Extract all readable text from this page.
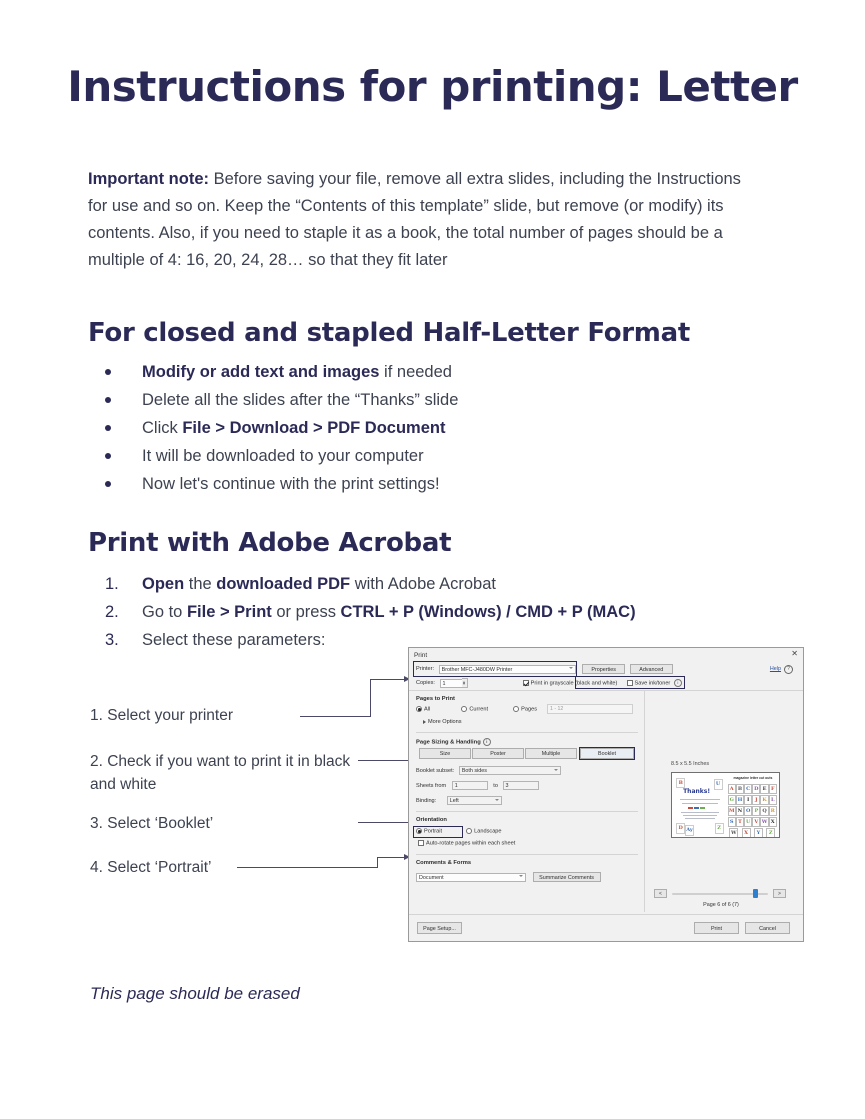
Instructions for printing: Letter
Important note: Before saving your file, remove all extra slides, including the Instructions for use and so on. Keep the “Contents of this template” slide, but remove (or modify) its contents. Also, if you need to staple it as a book, the total number of pages should be a multiple of 4: 16, 20, 24, 28… so that they fit later
For closed and stapled Half-Letter Format
Modify or add text and images if needed
Delete all the slides after the “Thanks” slide
Click File > Download > PDF Document
It will be downloaded to your computer
Now let's continue with the print settings!
Print with Adobe Acrobat
1.	Open the downloaded PDF with Adobe Acrobat
2.	Go to File > Print or press CTRL + P (Windows) / CMD + P (MAC)
3.	Select these parameters:
1. Select your printer
2. Check if you want to print it in black and white
3. Select ‘Booklet’
4. Select ‘Portrait’
Print	✕
Printer: Brother MFC-J480DW Printer	Properties	Advanced	Help	?
Copies: 1	Print in grayscale (black and white)	Save ink/toner i
Pages to Print
All	Current	Pages	1 - 12
More Options
Page Sizing & Handling i
Size	Poster	Multiple	Booklet
Booklet subset: Both sides
Sheets from 1	to 3
Binding:	Left
Orientation
Portrait	Landscape
Auto-rotate pages within each sheet
Comments & Forms
Document	Summarize Comments
8.5 x 5.5 Inches
Thanks!
B	U
D Ay	Z
magazine letter cut outs
A B C D E F
G H I	J K L
M N O P Q R
S T U V W X
W	X	Y	Z
<	>
Page 6 of 6 (7)
Page Setup...	Print	Cancel
This page should be erased
